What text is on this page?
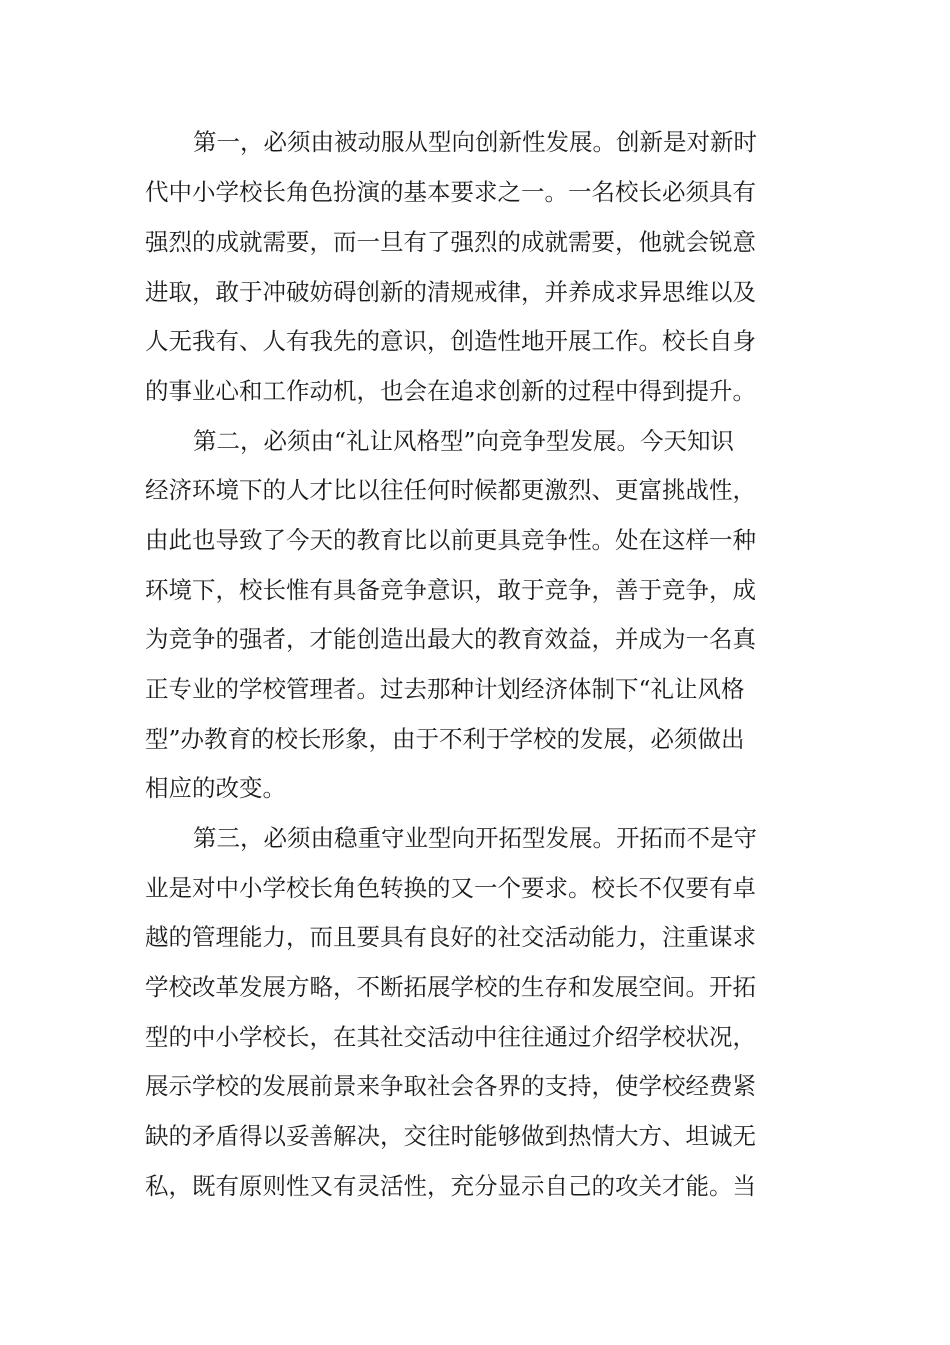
第一，必须由被动服从型向创新性发展。创新是对新时
代中小学校长角色扮演的基本要求之一。一名校长必须具有
强烈的成就需要，而一旦有了强烈的成就需要，他就会锐意
进取，敢于冲破妨碍创新的清规戒律，并养成求异思维以及
人无我有、人有我先的意识，创造性地开展工作。校长自身
的事业心和工作动机，也会在追求创新的过程中得到提升。
第二，必须由“礼让风格型”向竞争型发展。今天知识
经济环境下的人才比以往任何时候都更激烈、更富挑战性，
由此也导致了今天的教育比以前更具竞争性。处在这样一种
环境下，校长惟有具备竞争意识，敢于竞争，善于竞争，成
为竞争的强者，才能创造出最大的教育效益，并成为一名真
正专业的学校管理者。过去那种计划经济体制下“礼让风格
型”办教育的校长形象，由于不利于学校的发展，必须做出
相应的改变。
第三，必须由稳重守业型向开拓型发展。开拓而不是守
业是对中小学校长角色转换的又一个要求。校长不仅要有卓
越的管理能力，而且要具有良好的社交活动能力，注重谋求
学校改革发展方略，不断拓展学校的生存和发展空间。开拓
型的中小学校长，在其社交活动中往往通过介绍学校状况，
展示学校的发展前景来争取社会各界的支持，使学校经费紧
缺的矛盾得以妥善解决，交往时能够做到热情大方、坦诚无
私，既有原则性又有灵活性，充分显示自己的攻关才能。当
